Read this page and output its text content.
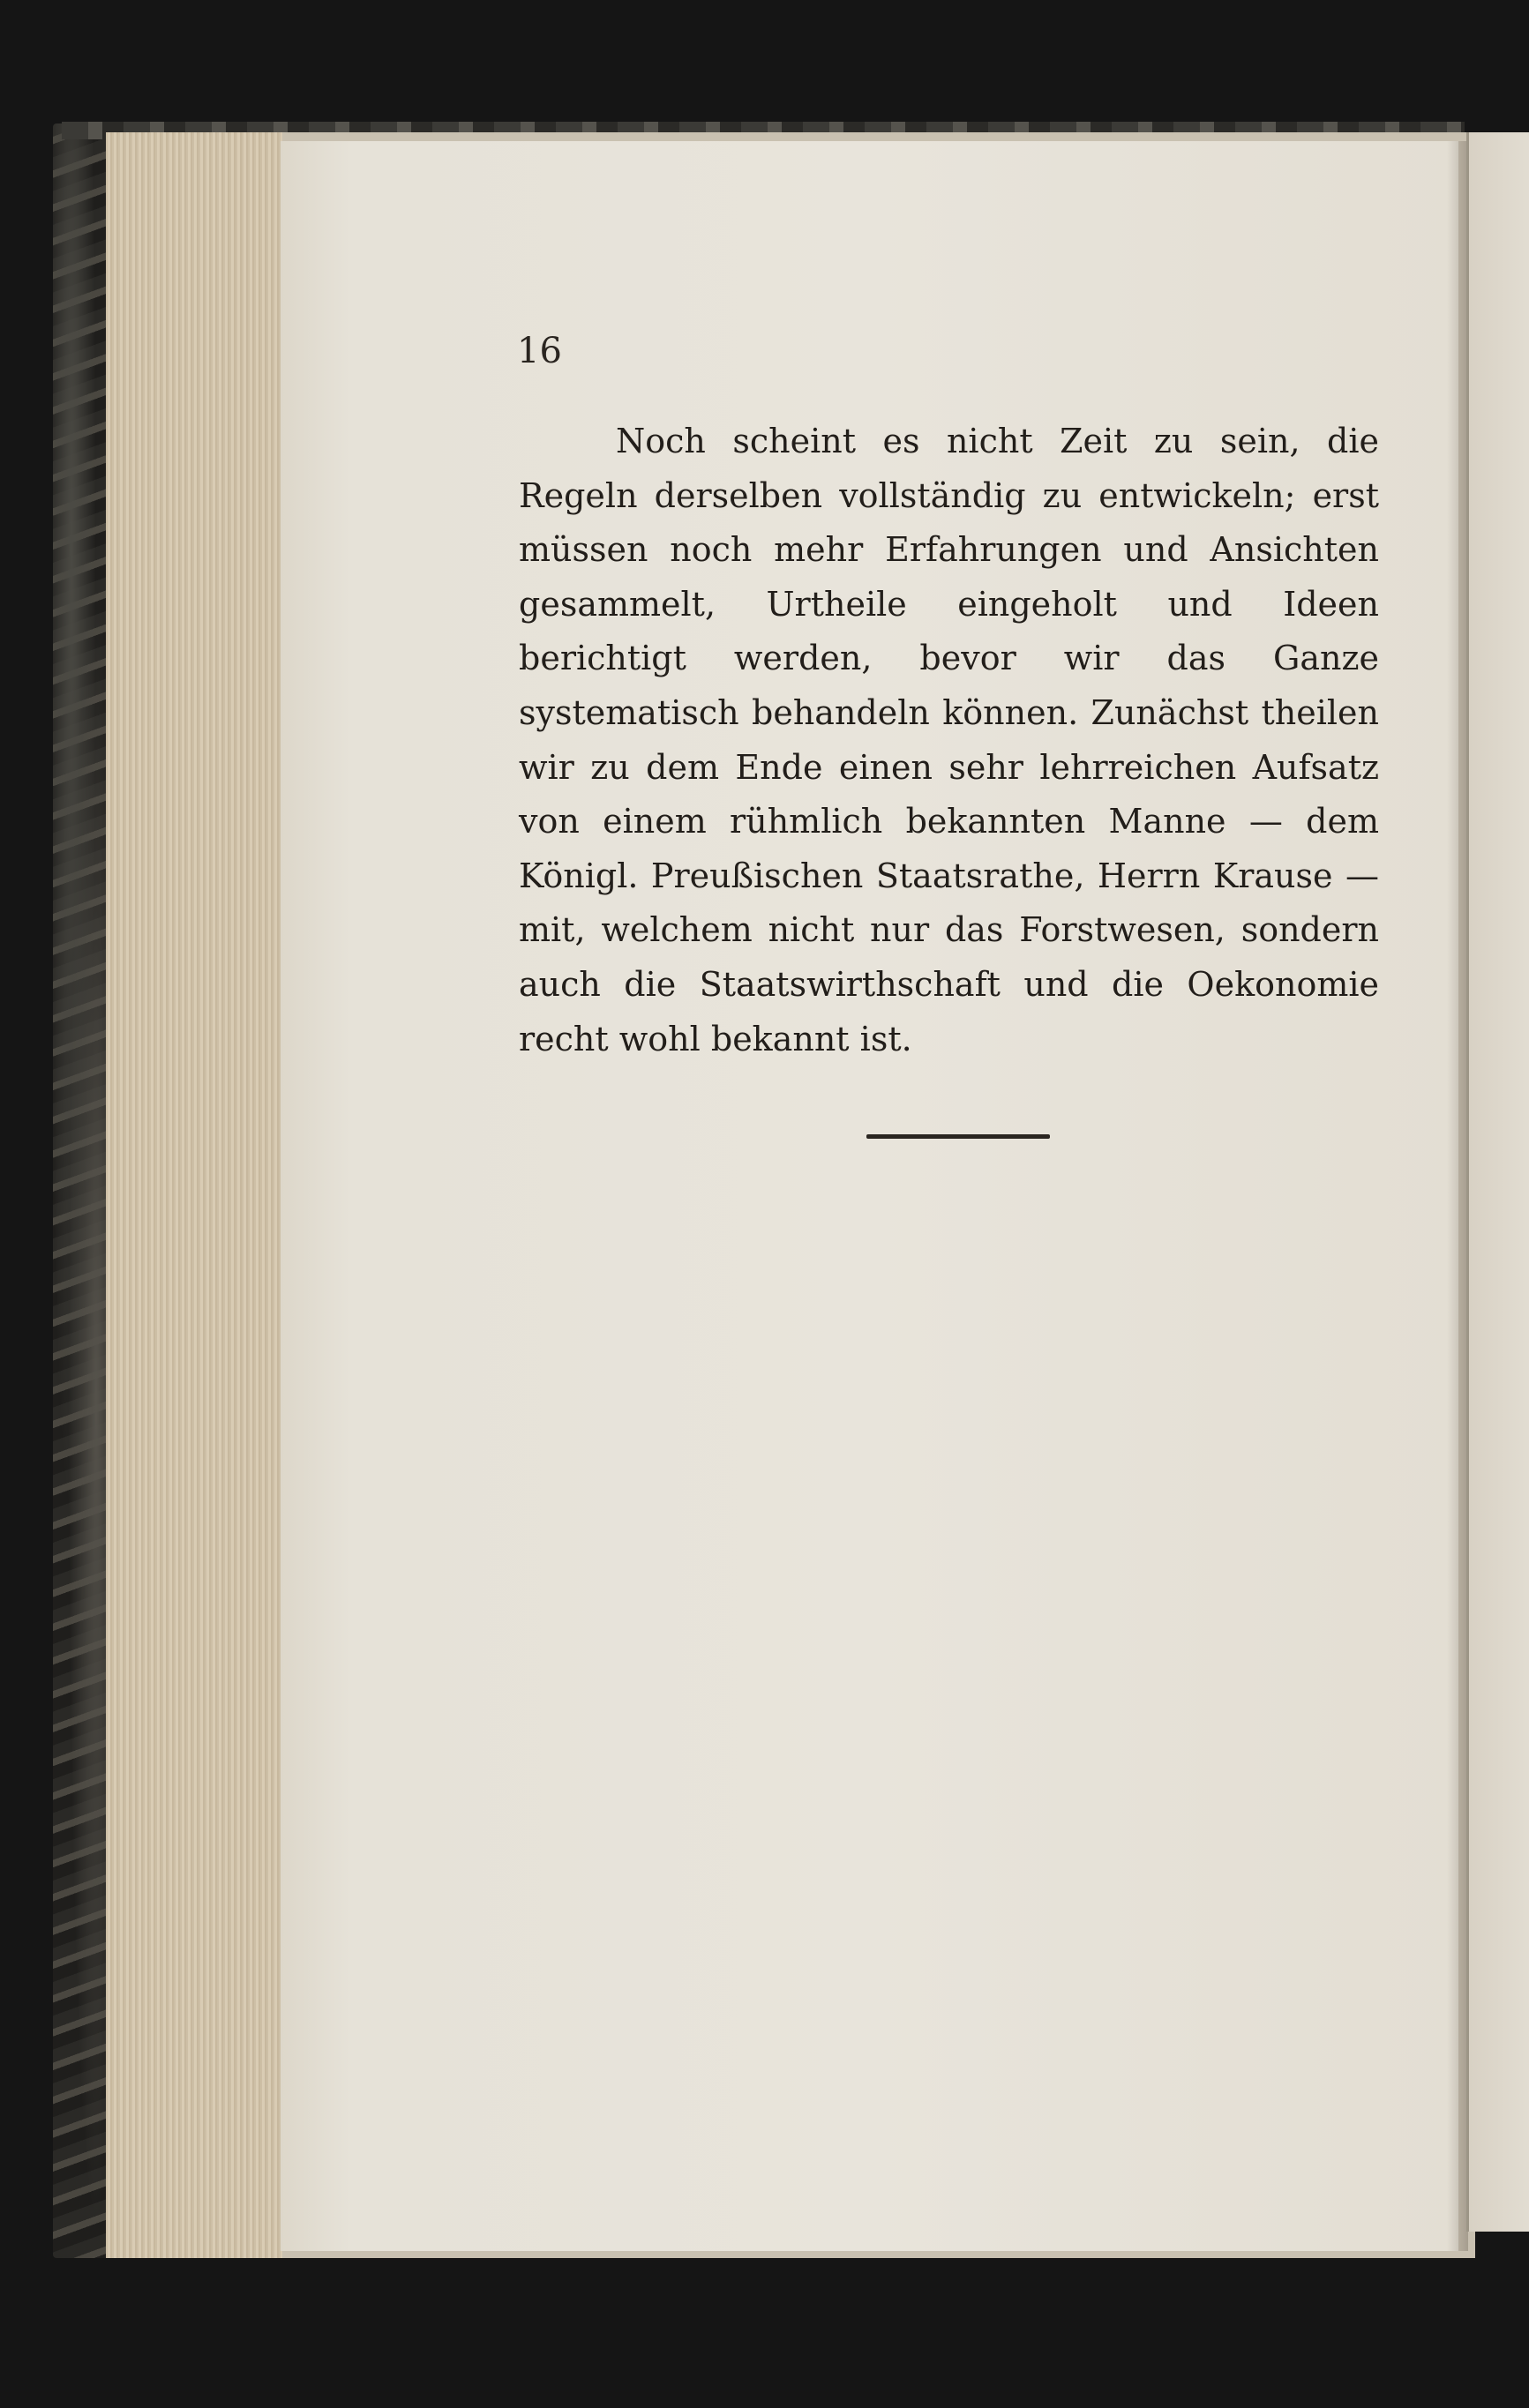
16

Noch scheint es nicht Zeit zu sein, die Regeln derselben vollständig zu entwickeln; erst müssen noch mehr Erfahrungen und Ansichten gesammelt, Urtheile eingeholt und Ideen berichtigt werden, bevor wir das Ganze systematisch behandeln können. Zunächst theilen wir zu dem Ende einen sehr lehrreichen Aufsatz von einem rühmlich bekannten Manne — dem Königl. Preußischen Staatsrathe, Herrn Krause — mit, welchem nicht nur das Forstwesen, sondern auch die Staatswirthschaft und die Oekonomie recht wohl bekannt ist.
